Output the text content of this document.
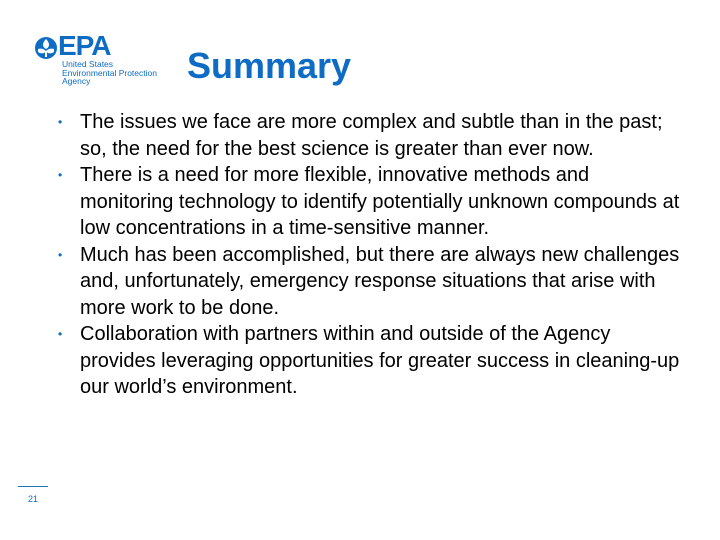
EPA
United States
Environmental Protection
Agency	Summary
• The issues we face are more complex and subtle than in the past; so, the need for the best science is greater than ever now.
• There is a need for more flexible, innovative methods and monitoring technology to identify potentially unknown compounds at low concentrations in a time-sensitive manner.
• Much has been accomplished, but there are always new challenges and, unfortunately, emergency response situations that arise with more work to be done.
• Collaboration with partners within and outside of the Agency provides leveraging opportunities for greater success in cleaning-up our world’s environment.
21
